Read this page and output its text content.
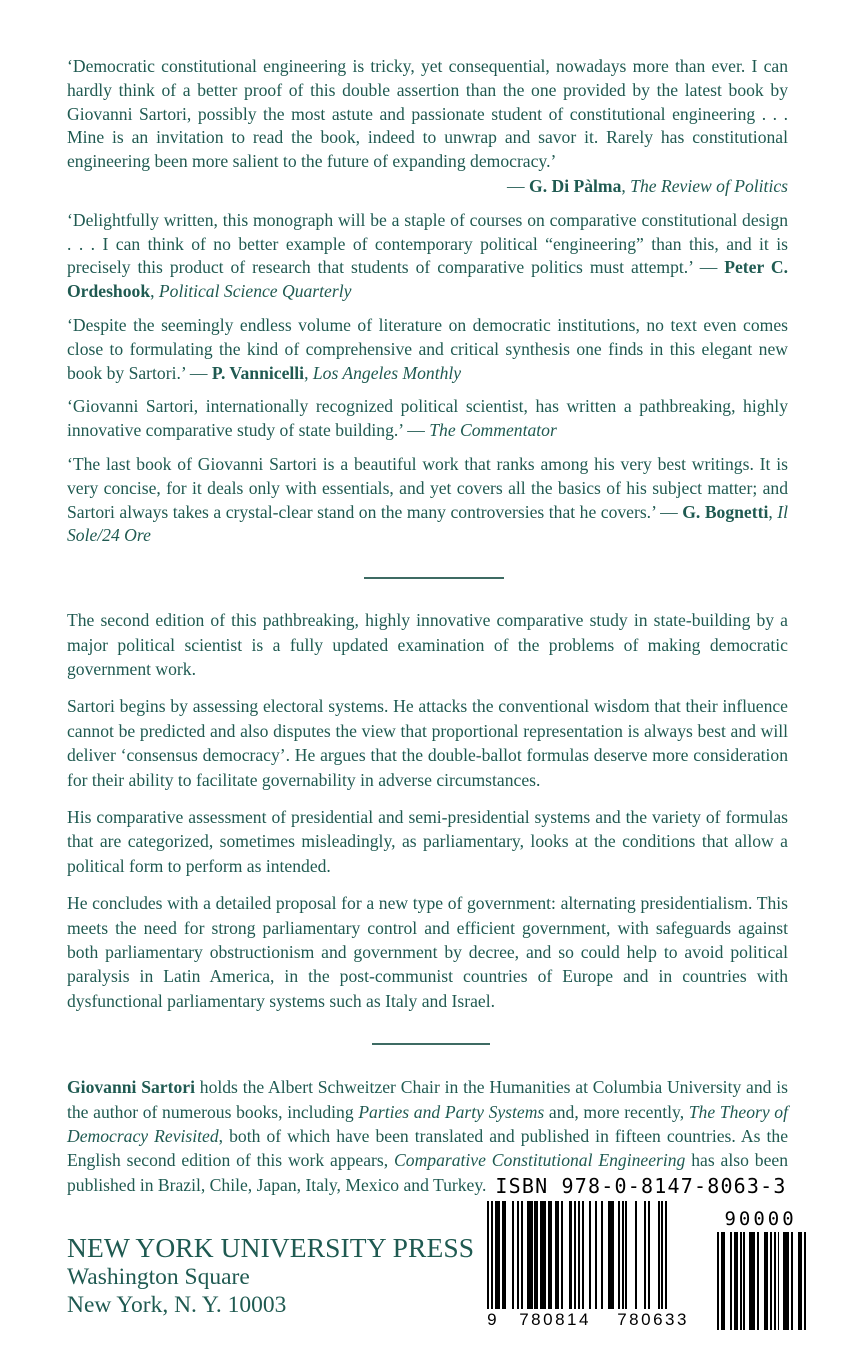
‘Democratic constitutional engineering is tricky, yet consequential, nowadays more than ever. I can hardly think of a better proof of this double assertion than the one provided by the latest book by Giovanni Sartori, possibly the most astute and passionate student of constitutional engineering . . . Mine is an invitation to read the book, indeed to unwrap and savor it. Rarely has constitutional engineering been more salient to the future of expanding democracy.’
— G. Di Pàlma, The Review of Politics

‘Delightfully written, this monograph will be a staple of courses on comparative constitutional design . . . I can think of no better example of contemporary political “engineering” than this, and it is precisely this product of research that students of comparative politics must attempt.’ — Peter C. Ordeshook, Political Science Quarterly

‘Despite the seemingly endless volume of literature on democratic institutions, no text even comes close to formulating the kind of comprehensive and critical synthesis one finds in this elegant new book by Sartori.’ — P. Vannicelli, Los Angeles Monthly

‘Giovanni Sartori, internationally recognized political scientist, has written a pathbreaking, highly innovative comparative study of state building.’ — The Commentator

‘The last book of Giovanni Sartori is a beautiful work that ranks among his very best writings. It is very concise, for it deals only with essentials, and yet covers all the basics of his subject matter; and Sartori always takes a crystal-clear stand on the many controversies that he covers.’ — G. Bognetti, Il Sole/24 Ore

The second edition of this pathbreaking, highly innovative comparative study in state-building by a major political scientist is a fully updated examination of the problems of making democratic government work.

Sartori begins by assessing electoral systems. He attacks the conventional wisdom that their influence cannot be predicted and also disputes the view that proportional representation is always best and will deliver ‘consensus democracy’. He argues that the double-ballot formulas deserve more consideration for their ability to facilitate governability in adverse circumstances.

His comparative assessment of presidential and semi-presidential systems and the variety of formulas that are categorized, sometimes misleadingly, as parliamentary, looks at the conditions that allow a political form to perform as intended.

He concludes with a detailed proposal for a new type of government: alternating presidentialism. This meets the need for strong parliamentary control and efficient government, with safeguards against both parliamentary obstructionism and government by decree, and so could help to avoid political paralysis in Latin America, in the post-communist countries of Europe and in countries with dysfunctional parliamentary systems such as Italy and Israel.

Giovanni Sartori holds the Albert Schweitzer Chair in the Humanities at Columbia University and is the author of numerous books, including Parties and Party Systems and, more recently, The Theory of Democracy Revisited, both of which have been translated and published in fifteen countries. As the English second edition of this work appears, Comparative Constitutional Engineering has also been published in Brazil, Chile, Japan, Italy, Mexico and Turkey.

NEW YORK UNIVERSITY PRESS
Washington Square
New York, N. Y. 10003
ISBN 978-0-8147-8063-3
9	780814	780633
90000
